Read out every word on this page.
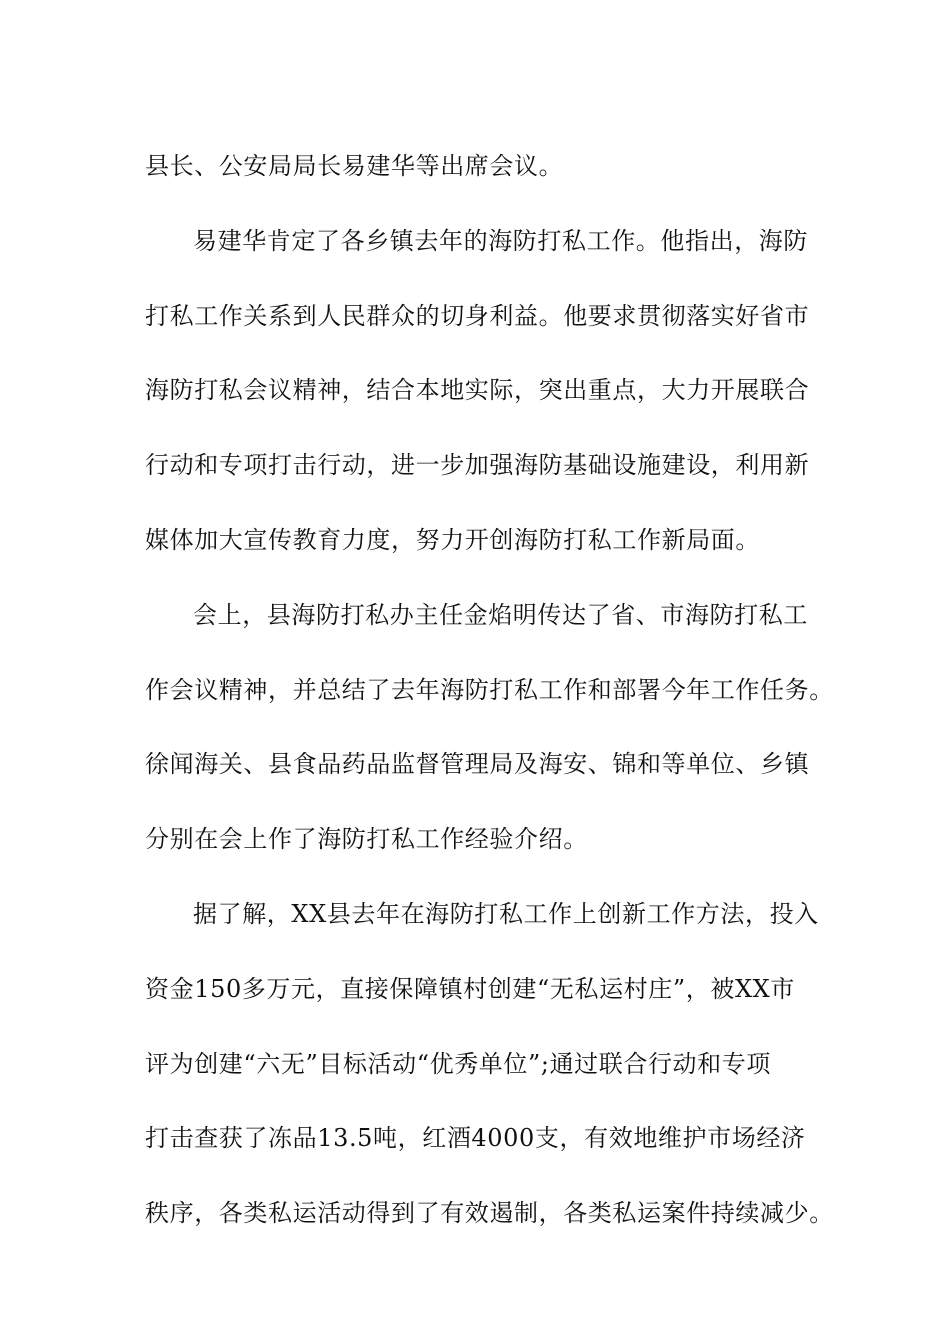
县长、公安局局长易建华等出席会议。
易建华肯定了各乡镇去年的海防打私工作。他指出，海防
打私工作关系到人民群众的切身利益。他要求贯彻落实好省市
海防打私会议精神，结合本地实际，突出重点，大力开展联合
行动和专项打击行动，进一步加强海防基础设施建设，利用新
媒体加大宣传教育力度，努力开创海防打私工作新局面。
会上，县海防打私办主任金焰明传达了省、市海防打私工
作会议精神，并总结了去年海防打私工作和部署今年工作任务。
徐闻海关、县食品药品监督管理局及海安、锦和等单位、乡镇
分别在会上作了海防打私工作经验介绍。
据了解，XX县去年在海防打私工作上创新工作方法，投入
资金150多万元，直接保障镇村创建“无私运村庄”，被XX市
评为创建“六无”目标活动“优秀单位”;通过联合行动和专项
打击查获了冻品13.5吨，红酒4000支，有效地维护市场经济
秩序，各类私运活动得到了有效遏制，各类私运案件持续减少。
